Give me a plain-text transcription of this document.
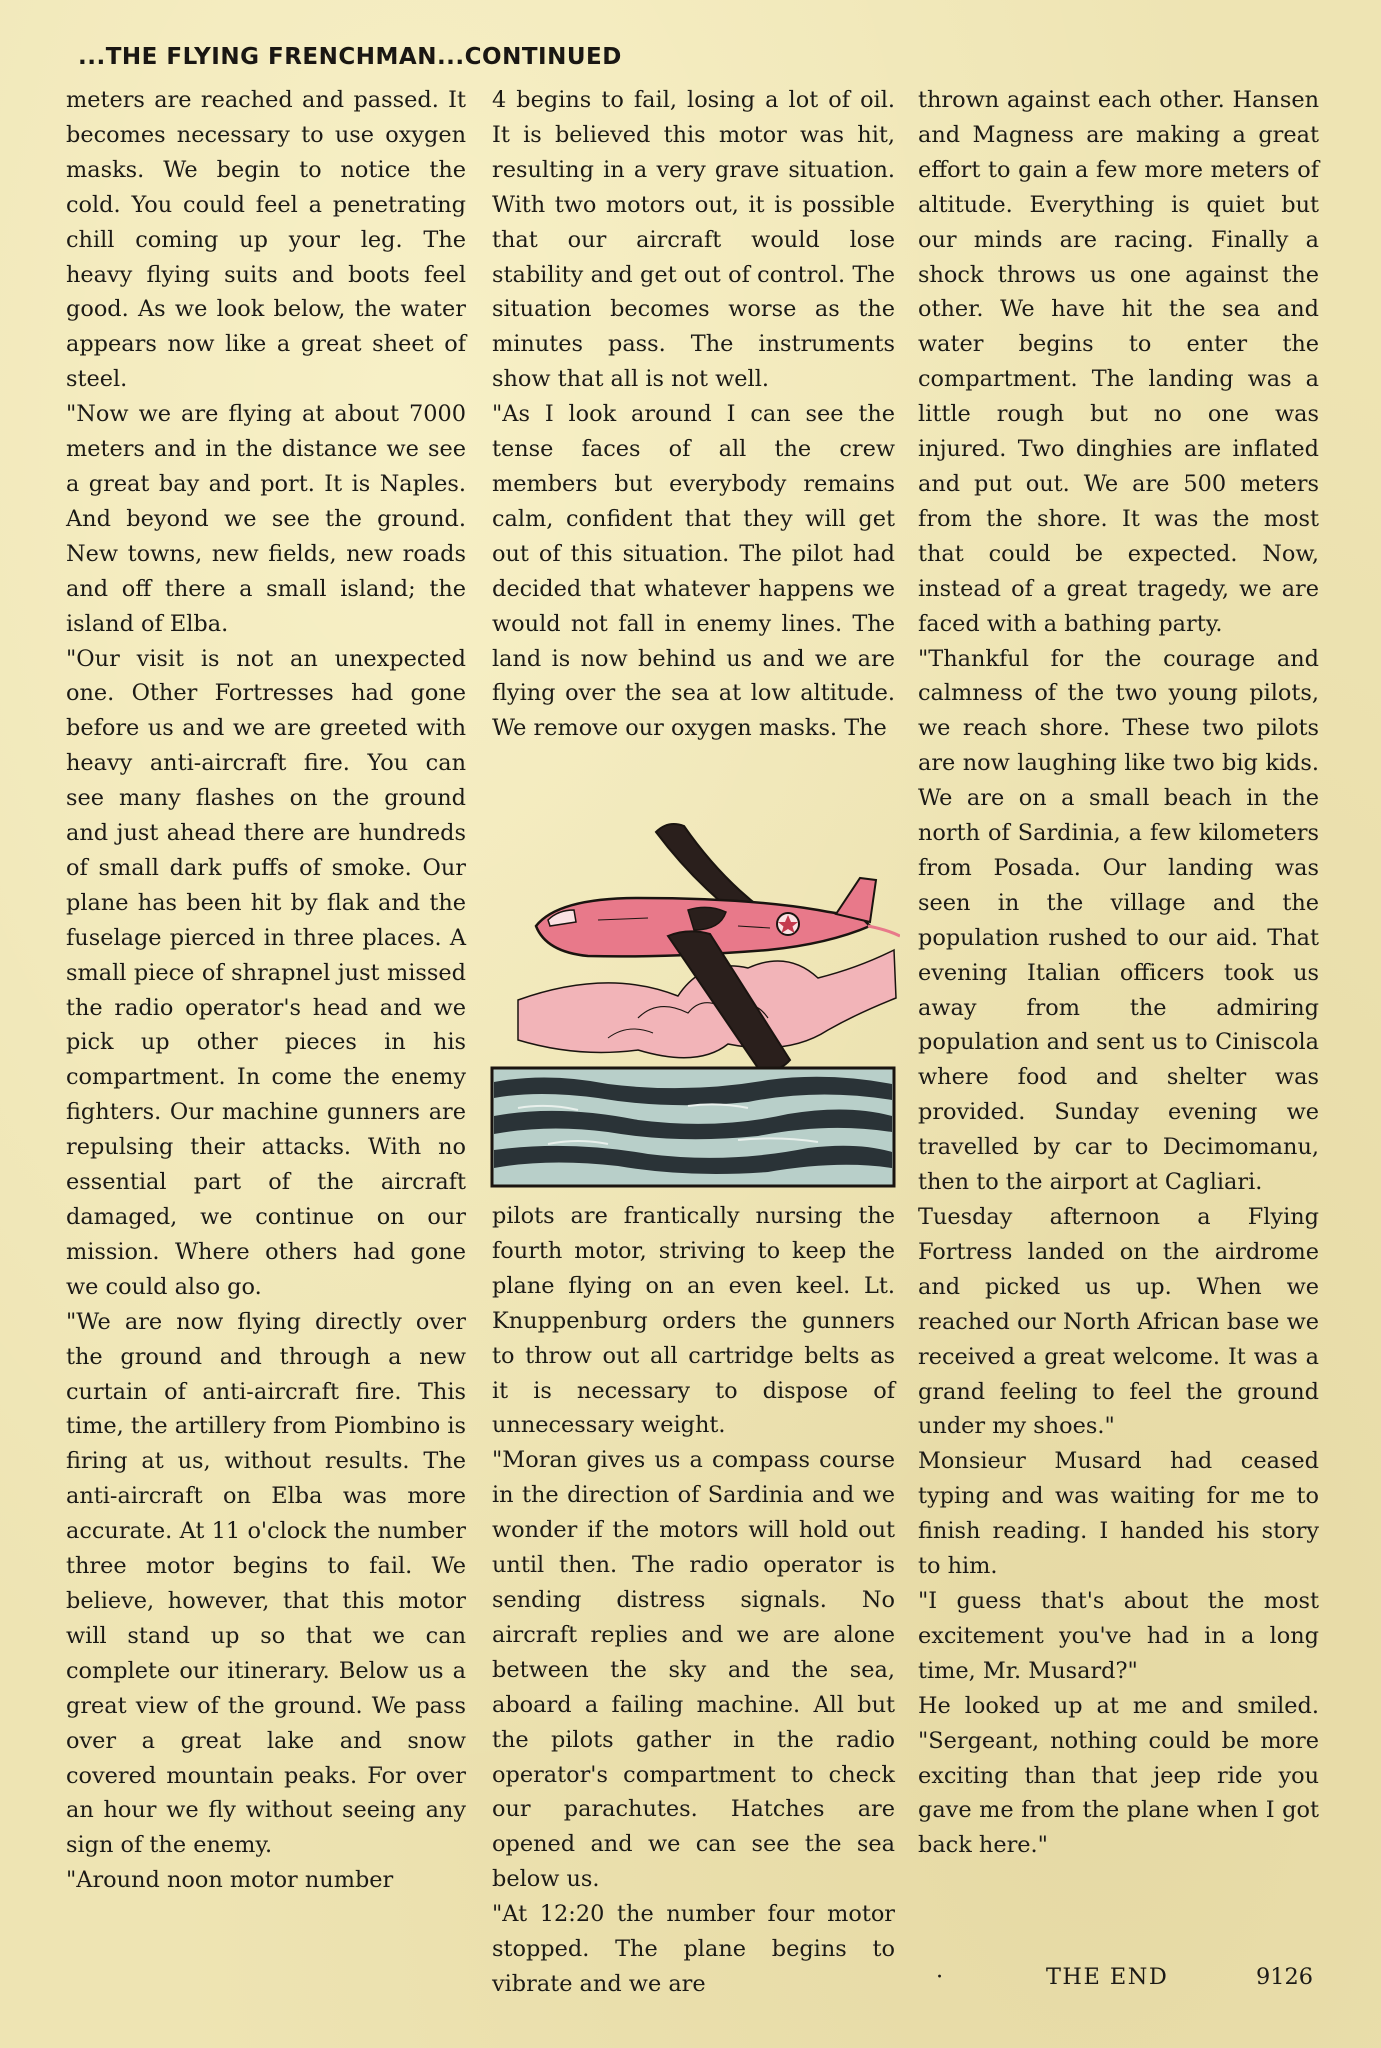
...THE FLYING FRENCHMAN...CONTINUED

meters are reached and passed. It becomes necessary to use oxygen masks. We begin to notice the cold. You could feel a penetrating chill coming up your leg. The heavy flying suits and boots feel good. As we look below, the water appears now like a great sheet of steel.
"Now we are flying at about 7000 meters and in the distance we see a great bay and port. It is Naples. And beyond we see the ground. New towns, new fields, new roads and off there a small island; the island of Elba.
"Our visit is not an unexpected one. Other Fortresses had gone before us and we are greeted with heavy anti-aircraft fire. You can see many flashes on the ground and just ahead there are hundreds of small dark puffs of smoke. Our plane has been hit by flak and the fuselage pierced in three places. A small piece of shrapnel just missed the radio operator's head and we pick up other pieces in his compartment. In come the enemy fighters. Our machine gunners are repulsing their attacks. With no essential part of the aircraft damaged, we continue on our mission. Where others had gone we could also go.
"We are now flying directly over the ground and through a new curtain of anti-aircraft fire. This time, the artillery from Piombino is firing at us, without results. The anti-aircraft on Elba was more accurate. At 11 o'clock the number three motor begins to fail. We believe, however, that this motor will stand up so that we can complete our itinerary. Below us a great view of the ground. We pass over a great lake and snow covered mountain peaks. For over an hour we fly without seeing any sign of the enemy.
"Around noon motor number

4 begins to fail, losing a lot of oil. It is believed this motor was hit, resulting in a very grave situation. With two motors out, it is possible that our aircraft would lose stability and get out of control. The situation becomes worse as the minutes pass. The instruments show that all is not well.
"As I look around I can see the tense faces of all the crew members but everybody remains calm, confident that they will get out of this situation. The pilot had decided that whatever happens we would not fall in enemy lines. The land is now behind us and we are flying over the sea at low altitude. We remove our oxygen masks. The

pilots are frantically nursing the fourth motor, striving to keep the plane flying on an even keel. Lt. Knuppenburg orders the gunners to throw out all cartridge belts as it is necessary to dispose of unnecessary weight.
"Moran gives us a compass course in the direction of Sardinia and we wonder if the motors will hold out until then. The radio operator is sending distress signals. No aircraft replies and we are alone between the sky and the sea, aboard a failing machine. All but the pilots gather in the radio operator's compartment to check our parachutes. Hatches are opened and we can see the sea below us.
"At 12:20 the number four motor stopped. The plane begins to vibrate and we are

thrown against each other. Hansen and Magness are making a great effort to gain a few more meters of altitude. Everything is quiet but our minds are racing. Finally a shock throws us one against the other. We have hit the sea and water begins to enter the compartment. The landing was a little rough but no one was injured. Two dinghies are inflated and put out. We are 500 meters from the shore. It was the most that could be expected. Now, instead of a great tragedy, we are faced with a bathing party.
"Thankful for the courage and calmness of the two young pilots, we reach shore. These two pilots are now laughing like two big kids. We are on a small beach in the north of Sardinia, a few kilometers from Posada. Our landing was seen in the village and the population rushed to our aid. That evening Italian officers took us away from the admiring population and sent us to Ciniscola where food and shelter was provided. Sunday evening we travelled by car to Decimomanu, then to the airport at Cagliari.
Tuesday afternoon a Flying Fortress landed on the airdrome and picked us up. When we reached our North African base we received a great welcome. It was a grand feeling to feel the ground under my shoes."
Monsieur Musard had ceased typing and was waiting for me to finish reading. I handed his story to him.
"I guess that's about the most excitement you've had in a long time, Mr. Musard?"
He looked up at me and smiled. "Sergeant, nothing could be more exciting than that jeep ride you gave me from the plane when I got back here."

·	THE END	9126
